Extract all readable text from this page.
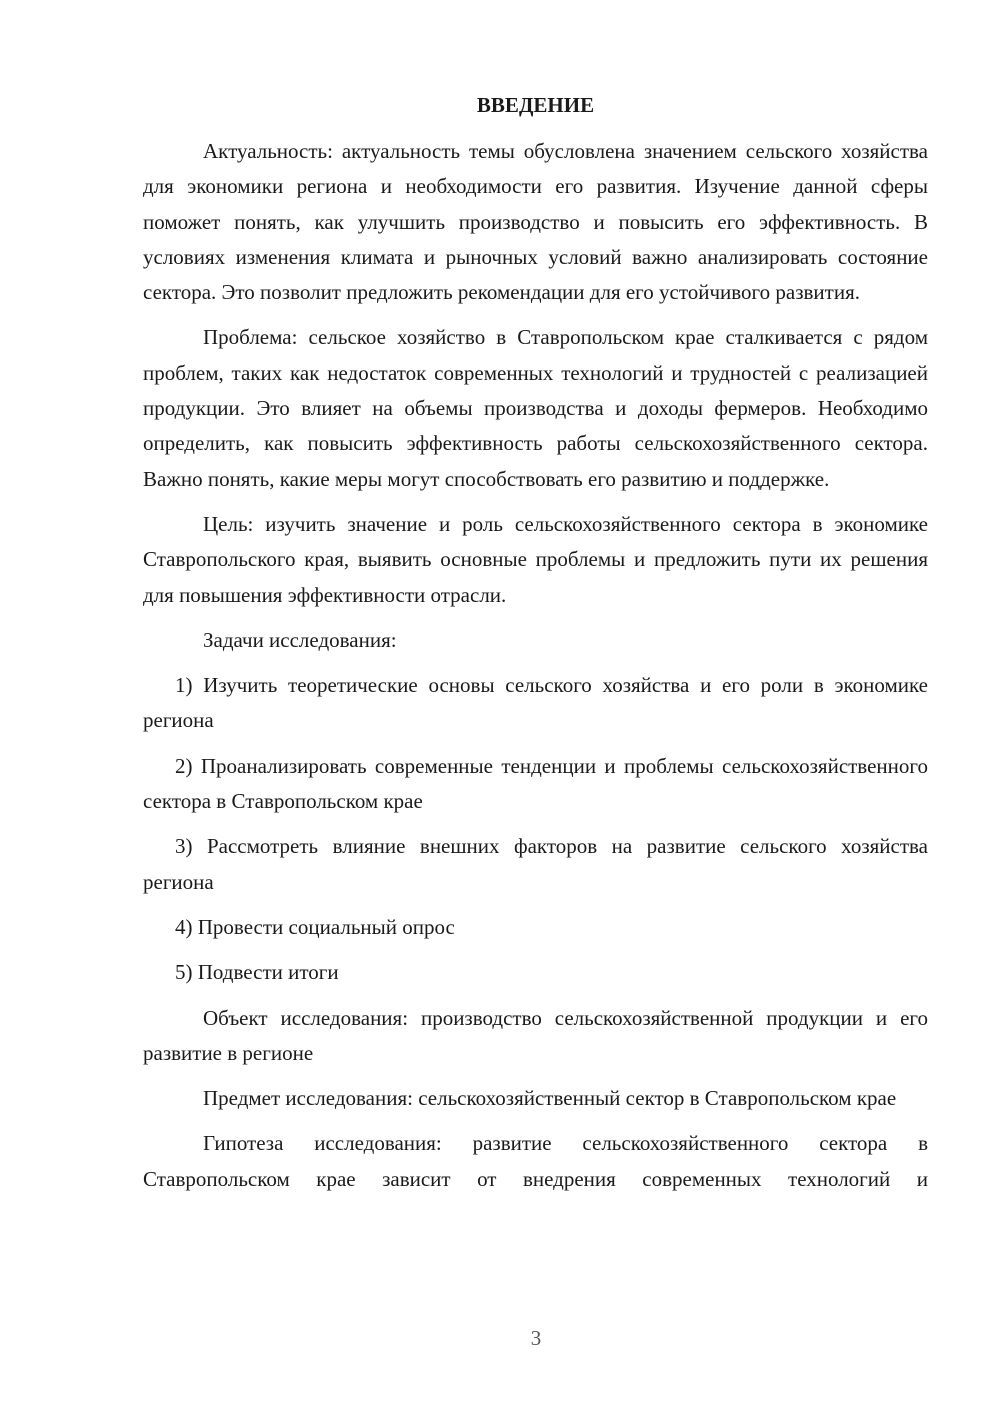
ВВЕДЕНИЕ

Актуальность: актуальность темы обусловлена значением сельского хозяйства для экономики региона и необходимости его развития. Изучение данной сферы поможет понять, как улучшить производство и повысить его эффективность. В условиях изменения климата и рыночных условий важно анализировать состояние сектора. Это позволит предложить рекомендации для его устойчивого развития.

Проблема: сельское хозяйство в Ставропольском крае сталкивается с рядом проблем, таких как недостаток современных технологий и трудностей с реализацией продукции. Это влияет на объемы производства и доходы фермеров. Необходимо определить, как повысить эффективность работы сельскохозяйственного сектора. Важно понять, какие меры могут способствовать его развитию и поддержке.

Цель: изучить значение и роль сельскохозяйственного сектора в экономике Ставропольского края, выявить основные проблемы и предложить пути их решения для повышения эффективности отрасли.

Задачи исследования:

1) Изучить теоретические основы сельского хозяйства и его роли в экономике региона

2) Проанализировать современные тенденции и проблемы сельскохозяйственного сектора в Ставропольском крае

3) Рассмотреть влияние внешних факторов на развитие сельского хозяйства региона

4) Провести социальный опрос

5) Подвести итоги

Объект исследования: производство сельскохозяйственной продукции и его развитие в регионе

Предмет исследования: сельскохозяйственный сектор в Ставропольском крае

Гипотеза исследования: развитие сельскохозяйственного сектора в Ставропольском крае зависит от внедрения современных технологий и

3
